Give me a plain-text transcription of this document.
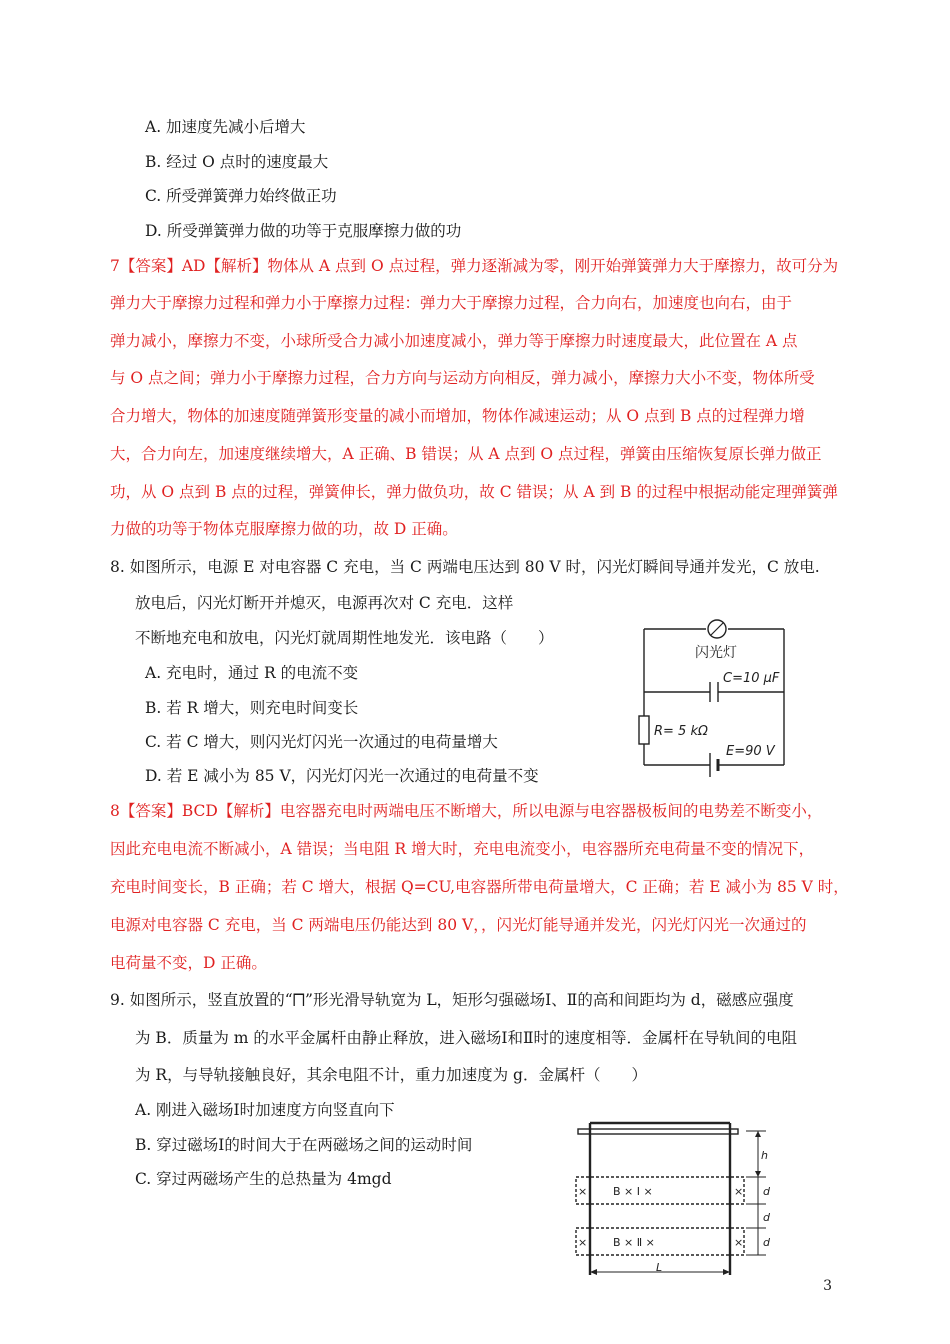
A. 加速度先减小后增大
B. 经过 O 点时的速度最大
C. 所受弹簧弹力始终做正功
D. 所受弹簧弹力做的功等于克服摩擦力做的功
7【答案】AD【解析】物体从 A 点到 O 点过程，弹力逐渐减为零，刚开始弹簧弹力大于摩擦力，故可分为
弹力大于摩擦力过程和弹力小于摩擦力过程：弹力大于摩擦力过程，合力向右，加速度也向右，由于
弹力减小，摩擦力不变，小球所受合力减小加速度减小，弹力等于摩擦力时速度最大，此位置在 A 点
与 O 点之间；弹力小于摩擦力过程，合力方向与运动方向相反，弹力减小，摩擦力大小不变，物体所受
合力增大，物体的加速度随弹簧形变量的减小而增加，物体作减速运动；从 O 点到 B 点的过程弹力增
大，合力向左，加速度继续增大，A 正确、B 错误；从 A 点到 O 点过程，弹簧由压缩恢复原长弹力做正
功，从 O 点到 B 点的过程，弹簧伸长，弹力做负功，故 C 错误；从 A 到 B 的过程中根据动能定理弹簧弹
力做的功等于物体克服摩擦力做的功，故 D 正确。
8. 如图所示，电源 E 对电容器 C 充电，当 C 两端电压达到 80 V 时，闪光灯瞬间导通并发光，C 放电.
放电后，闪光灯断开并熄灭，电源再次对 C 充电．这样
不断地充电和放电，闪光灯就周期性地发光．该电路（　　）
A. 充电时，通过 R 的电流不变
B. 若 R 增大，则充电时间变长
C. 若 C 增大，则闪光灯闪光一次通过的电荷量增大
D. 若 E 减小为 85 V，闪光灯闪光一次通过的电荷量不变
闪光灯
C=10 μF
R= 5 kΩ
E=90 V
8【答案】BCD【解析】电容器充电时两端电压不断增大，所以电源与电容器极板间的电势差不断变小，
因此充电电流不断减小，A 错误；当电阻 R 增大时，充电电流变小，电容器所充电荷量不变的情况下，
充电时间变长，B 正确；若 C 增大，根据 Q=CU,电容器所带电荷量增大，C 正确；若 E 减小为 85 V 时，
电源对电容器 C 充电，当 C 两端电压仍能达到 80 V，，闪光灯能导通并发光，闪光灯闪光一次通过的
电荷量不变，D 正确。
9. 如图所示，竖直放置的“⨅”形光滑导轨宽为 L，矩形匀强磁场Ⅰ、Ⅱ的高和间距均为 d，磁感应强度
为 B．质量为 m 的水平金属杆由静止释放，进入磁场Ⅰ和Ⅱ时的速度相等．金属杆在导轨间的电阻
为 R，与导轨接触良好，其余电阻不计，重力加速度为 g．金属杆（　　）
A. 刚进入磁场Ⅰ时加速度方向竖直向下
B. 穿过磁场Ⅰ的时间大于在两磁场之间的运动时间
C. 穿过两磁场产生的总热量为 4mgd
h
d
d
d
L
B × Ⅰ ×
B × Ⅱ ×
×	×
×	×
3
